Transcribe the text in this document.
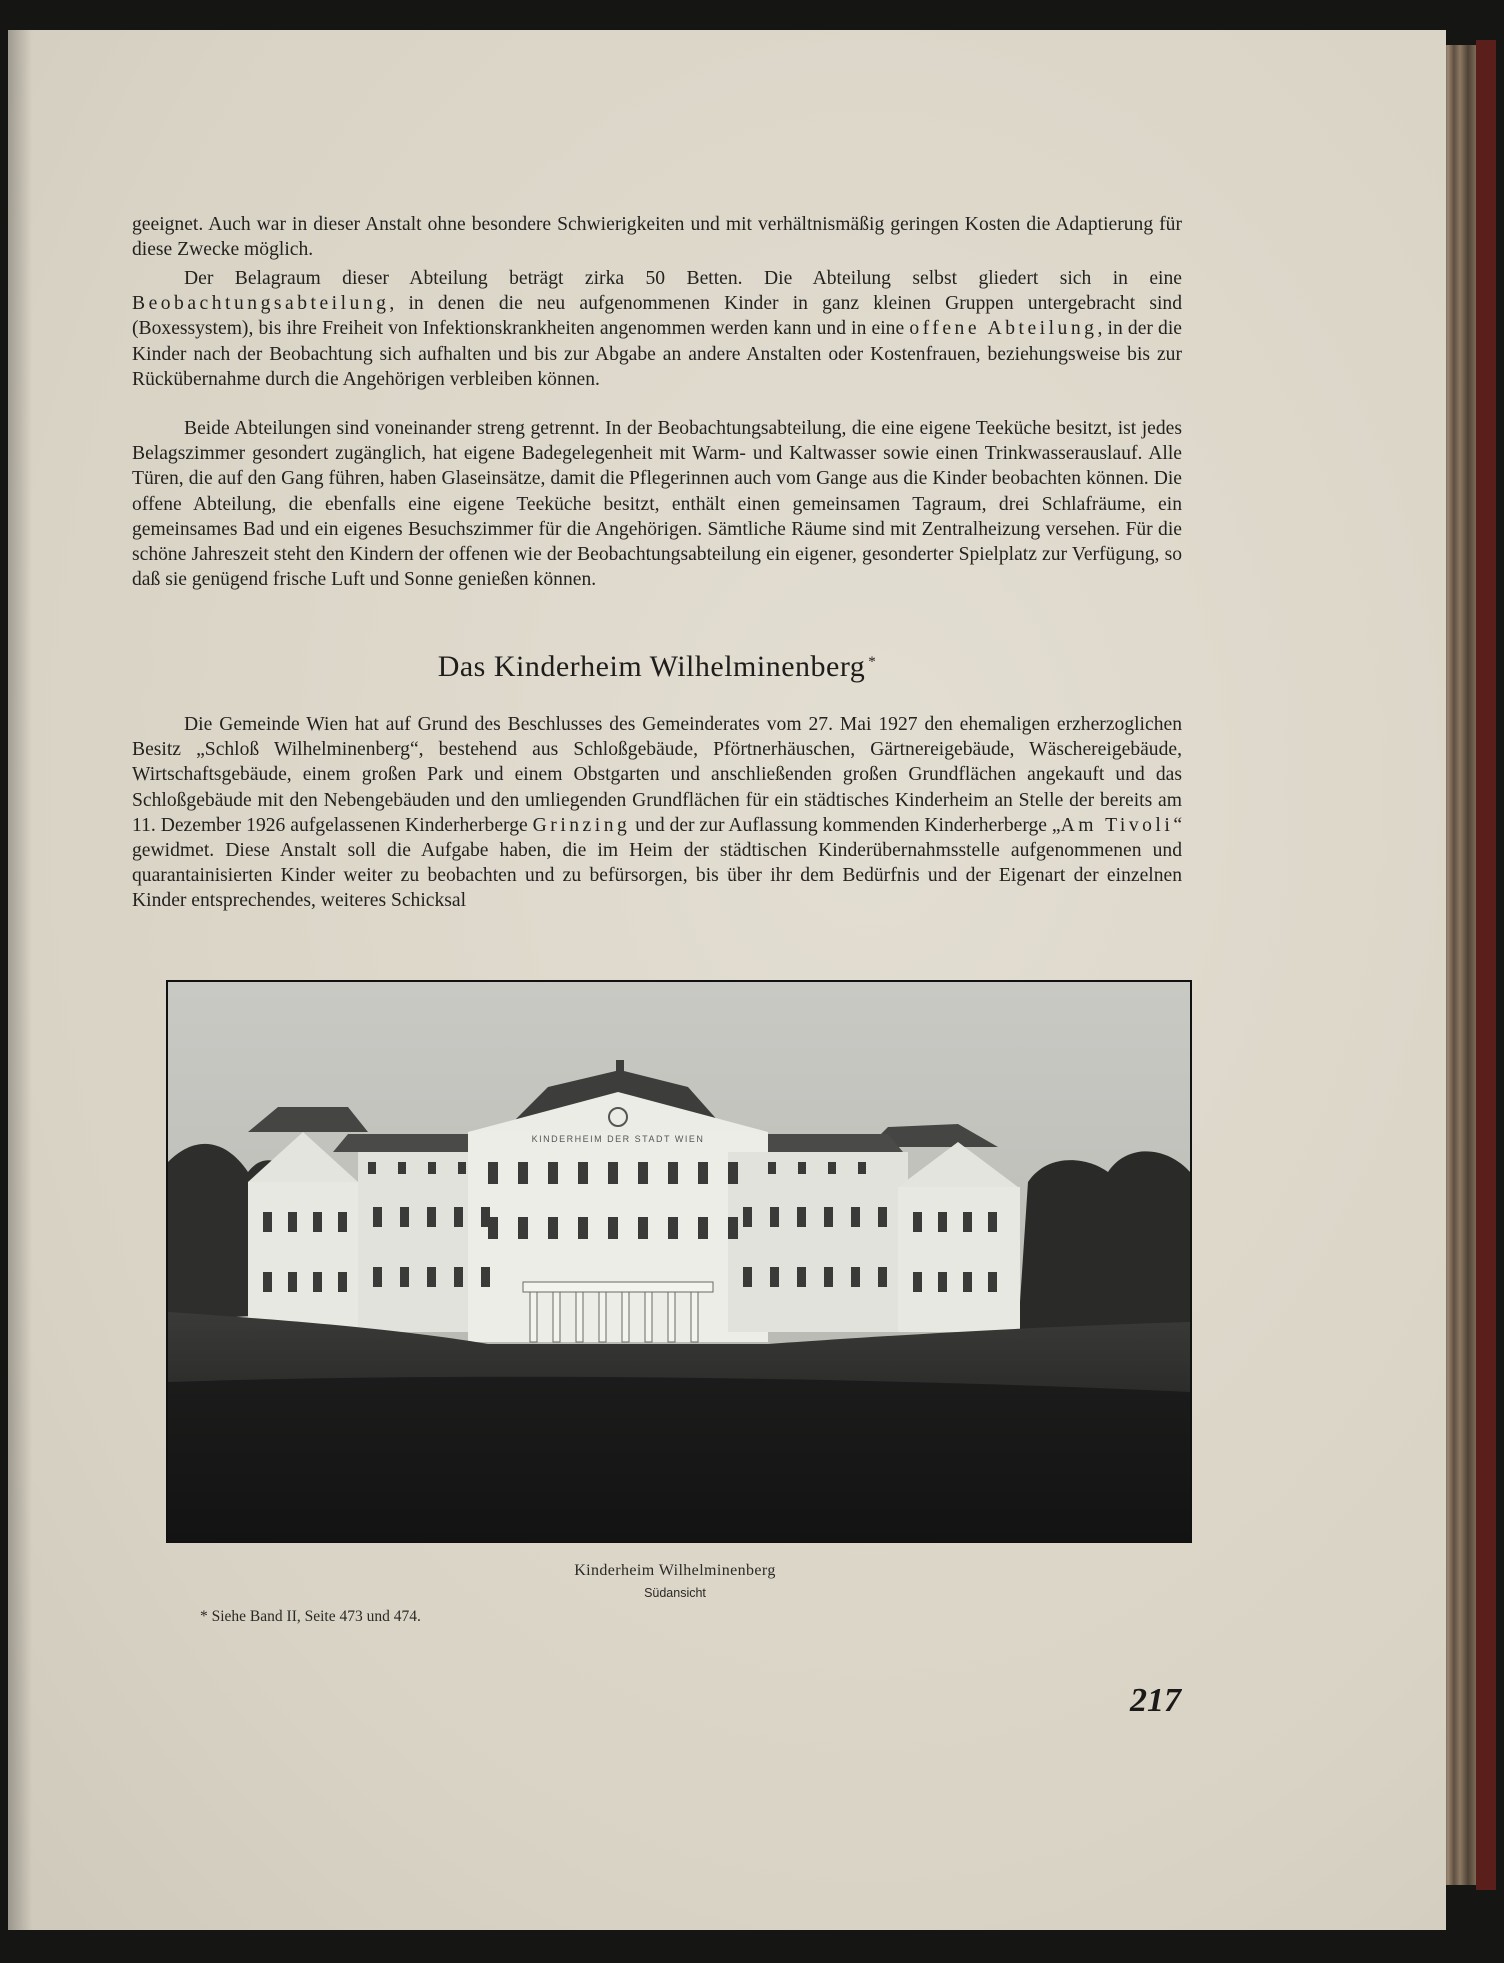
geeignet. Auch war in dieser Anstalt ohne besondere Schwierigkeiten und mit verhältnismäßig geringen Kosten die Adaptierung für diese Zwecke möglich.

Der Belagraum dieser Abteilung beträgt zirka 50 Betten. Die Abteilung selbst gliedert sich in eine Beobachtungsabteilung, in denen die neu aufgenommenen Kinder in ganz kleinen Gruppen untergebracht sind (Boxessystem), bis ihre Freiheit von Infektionskrankheiten angenommen werden kann und in eine offene Abteilung, in der die Kinder nach der Beobachtung sich aufhalten und bis zur Abgabe an andere Anstalten oder Kostenfrauen, beziehungsweise bis zur Rückübernahme durch die Angehörigen verbleiben können.

Beide Abteilungen sind voneinander streng getrennt. In der Beobachtungsabteilung, die eine eigene Teeküche besitzt, ist jedes Belagszimmer gesondert zugänglich, hat eigene Badegelegenheit mit Warm- und Kaltwasser sowie einen Trinkwasserauslauf. Alle Türen, die auf den Gang führen, haben Glaseinsätze, damit die Pflegerinnen auch vom Gange aus die Kinder beobachten können. Die offene Abteilung, die ebenfalls eine eigene Teeküche besitzt, enthält einen gemeinsamen Tagraum, drei Schlafräume, ein gemeinsames Bad und ein eigenes Besuchszimmer für die Angehörigen. Sämtliche Räume sind mit Zentralheizung versehen. Für die schöne Jahreszeit steht den Kindern der offenen wie der Beobachtungsabteilung ein eigener, gesonderter Spielplatz zur Verfügung, so daß sie genügend frische Luft und Sonne genießen können.

Das Kinderheim Wilhelminenberg *

Die Gemeinde Wien hat auf Grund des Beschlusses des Gemeinderates vom 27. Mai 1927 den ehemaligen erzherzoglichen Besitz „Schloß Wilhelminenberg“, bestehend aus Schloßgebäude, Pförtnerhäuschen, Gärtnereigebäude, Wäschereigebäude, Wirtschaftsgebäude, einem großen Park und einem Obstgarten und anschließenden großen Grundflächen angekauft und das Schloßgebäude mit den Nebengebäuden und den umliegenden Grundflächen für ein städtisches Kinderheim an Stelle der bereits am 11. Dezember 1926 aufgelassenen Kinderherberge Grinzing und der zur Auflassung kommenden Kinderherberge „Am Tivoli“ gewidmet. Diese Anstalt soll die Aufgabe haben, die im Heim der städtischen Kinderübernahmsstelle aufgenommenen und quarantainisierten Kinder weiter zu beobachten und zu befürsorgen, bis über ihr dem Bedürfnis und der Eigenart der einzelnen Kinder entsprechendes, weiteres Schicksal

KINDERHEIM DER STADT WIEN
Kinderheim Wilhelminenberg
Südansicht
* Siehe Band II, Seite 473 und 474.
217
